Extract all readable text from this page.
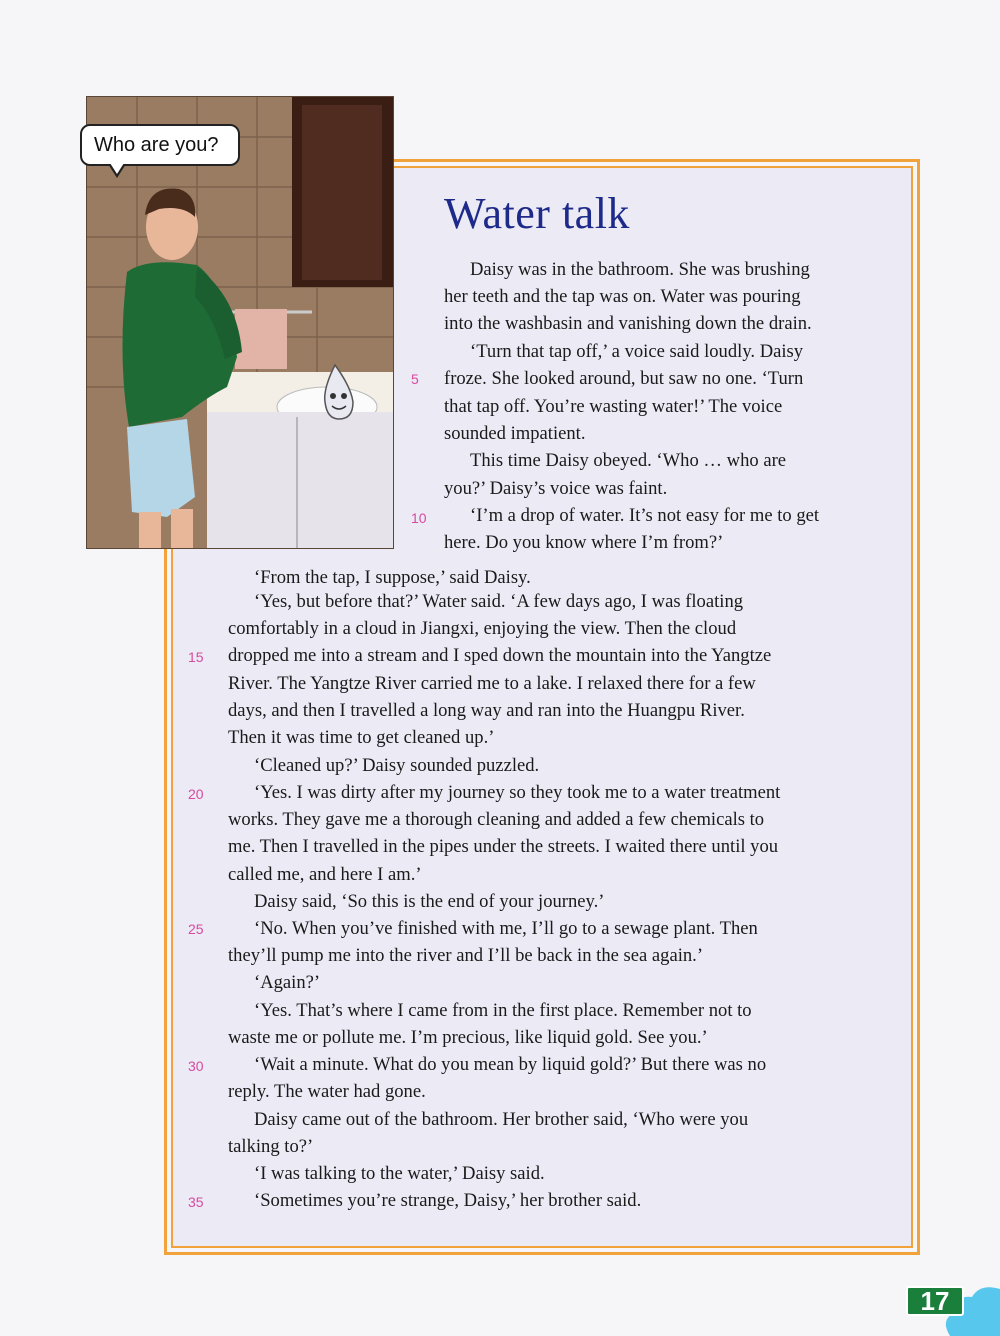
Who are you?
Water talk
5
10
15
20
25
30
35

Daisy was in the bathroom. She was brushing

her teeth and the tap was on. Water was pouring

into the washbasin and vanishing down the drain.

‘Turn that tap off,’ a voice said loudly. Daisy

froze. She looked around, but saw no one. ‘Turn

that tap off. You’re wasting water!’ The voice

sounded impatient.

This time Daisy obeyed. ‘Who … who are

you?’ Daisy’s voice was faint.

‘I’m a drop of water. It’s not easy for me to get

here. Do you know where I’m from?’

‘From the tap, I suppose,’ said Daisy.

‘Yes, but before that?’ Water said. ‘A few days ago, I was floating

comfortably in a cloud in Jiangxi, enjoying the view. Then the cloud

dropped me into a stream and I sped down the mountain into the Yangtze

River. The Yangtze River carried me to a lake. I relaxed there for a few

days, and then I travelled a long way and ran into the Huangpu River.

Then it was time to get cleaned up.’

‘Cleaned up?’ Daisy sounded puzzled.

‘Yes. I was dirty after my journey so they took me to a water treatment

works. They gave me a thorough cleaning and added a few chemicals to

me. Then I travelled in the pipes under the streets. I waited there until you

called me, and here I am.’

Daisy said, ‘So this is the end of your journey.’

‘No. When you’ve finished with me, I’ll go to a sewage plant. Then

they’ll pump me into the river and I’ll be back in the sea again.’

‘Again?’

‘Yes. That’s where I came from in the first place. Remember not to

waste me or pollute me. I’m precious, like liquid gold. See you.’

‘Wait a minute. What do you mean by liquid gold?’ But there was no

reply. The water had gone.

Daisy came out of the bathroom. Her brother said, ‘Who were you

talking to?’

‘I was talking to the water,’ Daisy said.

‘Sometimes you’re strange, Daisy,’ her brother said.

17
